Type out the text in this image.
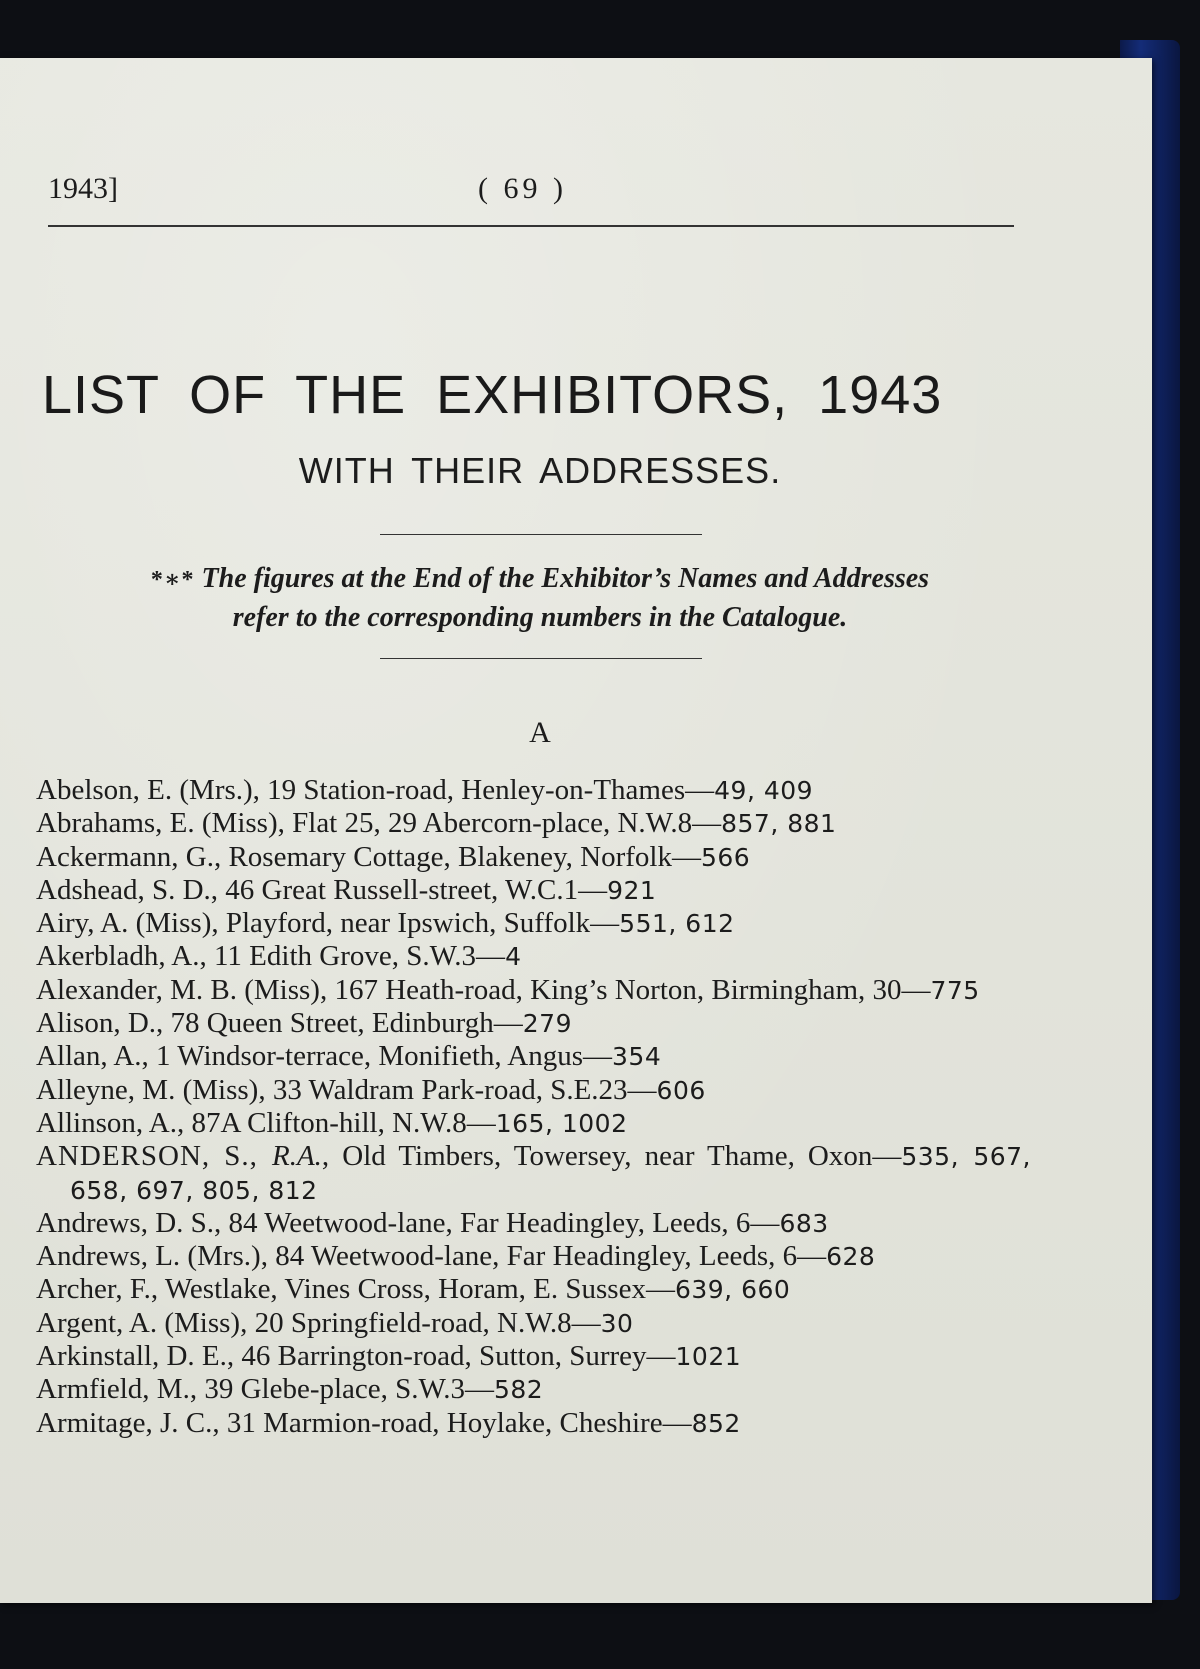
1943]	( 69 )
LIST OF THE EXHIBITORS, 1943
WITH THEIR ADDRESSES.
*∗* The figures at the End of the Exhibitor’s Names and Addresses
refer to the corresponding numbers in the Catalogue.
A
Abelson, E. (Mrs.), 19 Station-road, Henley-on-Thames—49, 409
Abrahams, E. (Miss), Flat 25, 29 Abercorn-place, N.W.8—857, 881
Ackermann, G., Rosemary Cottage, Blakeney, Norfolk—566
Adshead, S. D., 46 Great Russell-street, W.C.1—921
Airy, A. (Miss), Playford, near Ipswich, Suffolk—551, 612
Akerbladh, A., 11 Edith Grove, S.W.3—4
Alexander, M. B. (Miss), 167 Heath-road, King’s Norton, Birmingham, 30—775
Alison, D., 78 Queen Street, Edinburgh—279
Allan, A., 1 Windsor-terrace, Monifieth, Angus—354
Alleyne, M. (Miss), 33 Waldram Park-road, S.E.23—606
Allinson, A., 87A Clifton-hill, N.W.8—165, 1002
ANDERSON, S., R.A., Old Timbers, Towersey, near Thame, Oxon—535, 567, 658, 697, 805, 812
Andrews, D. S., 84 Weetwood-lane, Far Headingley, Leeds, 6—683
Andrews, L. (Mrs.), 84 Weetwood-lane, Far Headingley, Leeds, 6—628
Archer, F., Westlake, Vines Cross, Horam, E. Sussex—639, 660
Argent, A. (Miss), 20 Springfield-road, N.W.8—30
Arkinstall, D. E., 46 Barrington-road, Sutton, Surrey—1021
Armfield, M., 39 Glebe-place, S.W.3—582
Armitage, J. C., 31 Marmion-road, Hoylake, Cheshire—852
